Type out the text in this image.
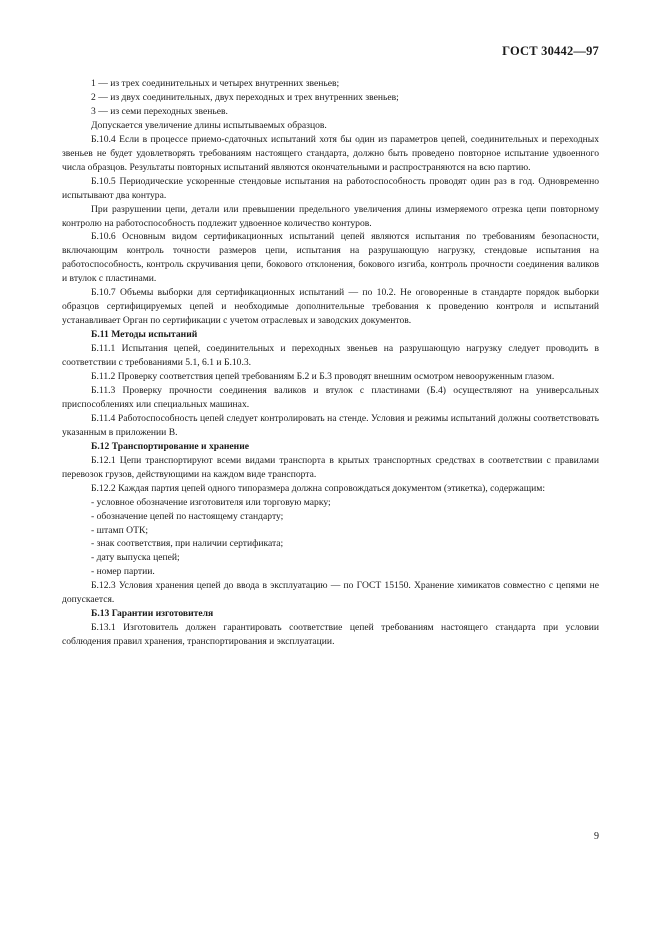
ГОСТ 30442—97

1 — из трех соединительных и четырех внутренних звеньев;

2 — из двух соединительных, двух переходных и трех внутренних звеньев;

3 — из семи переходных звеньев.

Допускается увеличение длины испытываемых образцов.

Б.10.4 Если в процессе приемо-сдаточных испытаний хотя бы один из параметров цепей, соединительных и переходных звеньев не будет удовлетворять требованиям настоящего стандарта, должно быть проведено повторное испытание удвоенного числа образцов. Результаты повторных испытаний являются окончательными и распространяются на всю партию.

Б.10.5 Периодические ускоренные стендовые испытания на работоспособность проводят один раз в год. Одновременно испытывают два контура.

При разрушении цепи, детали или превышении предельного увеличения длины измеряемого отрезка цепи повторному контролю на работоспособность подлежит удвоенное количество контуров.

Б.10.6 Основным видом сертификационных испытаний цепей являются испытания по требованиям безопасности, включающим контроль точности размеров цепи, испытания на разрушающую нагрузку, стендовые испытания на работоспособность, контроль скручивания цепи, бокового отклонения, бокового изгиба, контроль прочности соединения валиков и втулок с пластинами.

Б.10.7 Объемы выборки для сертификационных испытаний — по 10.2. Не оговоренные в стандарте порядок выборки образцов сертифицируемых цепей и необходимые дополнительные требования к проведению контроля и испытаний устанавливает Орган по сертификации с учетом отраслевых и заводских документов.

Б.11 Методы испытаний

Б.11.1 Испытания цепей, соединительных и переходных звеньев на разрушающую нагрузку следует проводить в соответствии с требованиями 5.1, 6.1 и Б.10.3.

Б.11.2 Проверку соответствия цепей требованиям Б.2 и Б.3 проводят внешним осмотром невооруженным глазом.

Б.11.3 Проверку прочности соединения валиков и втулок с пластинами (Б.4) осуществляют на универсальных приспособлениях или специальных машинах.

Б.11.4 Работоспособность цепей следует контролировать на стенде. Условия и режимы испытаний должны соответствовать указанным в приложении В.

Б.12 Транспортирование и хранение

Б.12.1 Цепи транспортируют всеми видами транспорта в крытых транспортных средствах в соответствии с правилами перевозок грузов, действующими на каждом виде транспорта.

Б.12.2 Каждая партия цепей одного типоразмера должна сопровождаться документом (этикетка), содержащим:

- условное обозначение изготовителя или торговую марку;
- обозначение цепей по настоящему стандарту;
- штамп ОТК;
- знак соответствия, при наличии сертификата;
- дату выпуска цепей;
- номер партии.

Б.12.3 Условия хранения цепей до ввода в эксплуатацию — по ГОСТ 15150. Хранение химикатов совместно с цепями не допускается.

Б.13 Гарантии изготовителя

Б.13.1 Изготовитель должен гарантировать соответствие цепей требованиям настоящего стандарта при условии соблюдения правил хранения, транспортирования и эксплуатации.

9
